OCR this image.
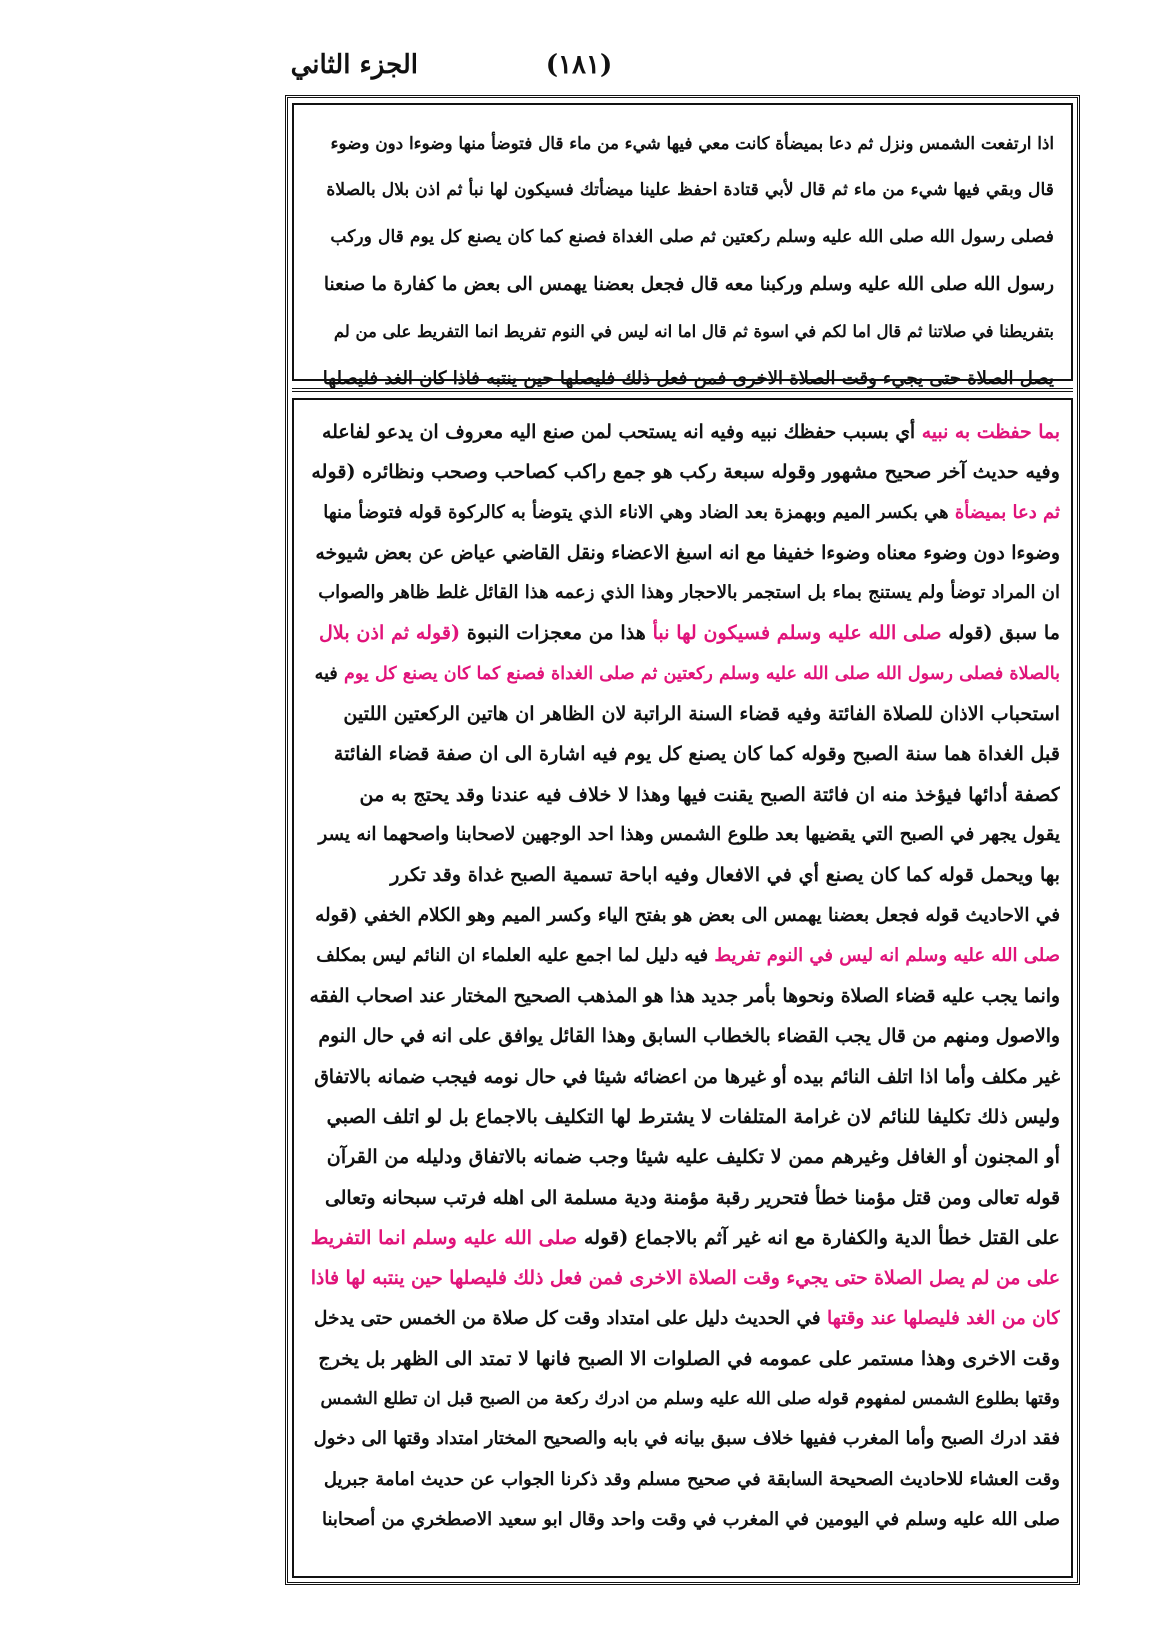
(١٨١)
الجزء الثاني
اذا ارتفعت الشمس ونزل ثم دعا بميضأة كانت معي فيها شيء من ماء قال فتوضأ منها وضوءا دون وضوء
قال وبقي فيها شيء من ماء ثم قال لأبي قتادة احفظ علينا ميضأتك فسيكون لها نبأ ثم اذن بلال بالصلاة
فصلى رسول الله صلى الله عليه وسلم ركعتين ثم صلى الغداة فصنع كما كان يصنع كل يوم قال وركب
رسول الله صلى الله عليه وسلم وركبنا معه قال فجعل بعضنا يهمس الى بعض ما كفارة ما صنعنا
بتفريطنا في صلاتنا ثم قال اما لكم في اسوة ثم قال اما انه ليس في النوم تفريط انما التفريط على من لم
يصل الصلاة حتى يجيء وقت الصلاة الاخرى فمن فعل ذلك فليصلها حين ينتبه فاذا كان الغد فليصلها
بما حفظت به نبيه أي بسبب حفظك نبيه وفيه انه يستحب لمن صنع اليه معروف ان يدعو لفاعله
وفيه حديث آخر صحيح مشهور وقوله سبعة ركب هو جمع راكب كصاحب وصحب ونظائره (قوله
ثم دعا بميضأة هي بكسر الميم وبهمزة بعد الضاد وهي الاناء الذي يتوضأ به كالركوة قوله فتوضأ منها
وضوءا دون وضوء معناه وضوءا خفيفا مع انه اسبغ الاعضاء ونقل القاضي عياض عن بعض شيوخه
ان المراد توضأ ولم يستنج بماء بل استجمر بالاحجار وهذا الذي زعمه هذا القائل غلط ظاهر والصواب
ما سبق (قوله صلى الله عليه وسلم فسيكون لها نبأ هذا من معجزات النبوة (قوله ثم اذن بلال
بالصلاة فصلى رسول الله صلى الله عليه وسلم ركعتين ثم صلى الغداة فصنع كما كان يصنع كل يوم فيه
استحباب الاذان للصلاة الفائتة وفيه قضاء السنة الراتبة لان الظاهر ان هاتين الركعتين اللتين
قبل الغداة هما سنة الصبح وقوله كما كان يصنع كل يوم فيه اشارة الى ان صفة قضاء الفائتة
كصفة أدائها فيؤخذ منه ان فائتة الصبح يقنت فيها وهذا لا خلاف فيه عندنا وقد يحتج به من
يقول يجهر في الصبح التي يقضيها بعد طلوع الشمس وهذا احد الوجهين لاصحابنا واصحهما انه يسر
بها ويحمل قوله كما كان يصنع أي في الافعال وفيه اباحة تسمية الصبح غداة وقد تكرر
في الاحاديث قوله فجعل بعضنا يهمس الى بعض هو بفتح الياء وكسر الميم وهو الكلام الخفي (قوله
صلى الله عليه وسلم انه ليس في النوم تفريط فيه دليل لما اجمع عليه العلماء ان النائم ليس بمكلف
وانما يجب عليه قضاء الصلاة ونحوها بأمر جديد هذا هو المذهب الصحيح المختار عند اصحاب الفقه
والاصول ومنهم من قال يجب القضاء بالخطاب السابق وهذا القائل يوافق على انه في حال النوم
غير مكلف وأما اذا اتلف النائم بيده أو غيرها من اعضائه شيئا في حال نومه فيجب ضمانه بالاتفاق
وليس ذلك تكليفا للنائم لان غرامة المتلفات لا يشترط لها التكليف بالاجماع بل لو اتلف الصبي
أو المجنون أو الغافل وغيرهم ممن لا تكليف عليه شيئا وجب ضمانه بالاتفاق ودليله من القرآن
قوله تعالى ومن قتل مؤمنا خطأ فتحرير رقبة مؤمنة ودية مسلمة الى اهله فرتب سبحانه وتعالى
على القتل خطأ الدية والكفارة مع انه غير آثم بالاجماع (قوله صلى الله عليه وسلم انما التفريط
على من لم يصل الصلاة حتى يجيء وقت الصلاة الاخرى فمن فعل ذلك فليصلها حين ينتبه لها فاذا
كان من الغد فليصلها عند وقتها في الحديث دليل على امتداد وقت كل صلاة من الخمس حتى يدخل
وقت الاخرى وهذا مستمر على عمومه في الصلوات الا الصبح فانها لا تمتد الى الظهر بل يخرج
وقتها بطلوع الشمس لمفهوم قوله صلى الله عليه وسلم من ادرك ركعة من الصبح قبل ان تطلع الشمس
فقد ادرك الصبح وأما المغرب ففيها خلاف سبق بيانه في بابه والصحيح المختار امتداد وقتها الى دخول
وقت العشاء للاحاديث الصحيحة السابقة في صحيح مسلم وقد ذكرنا الجواب عن حديث امامة جبريل
صلى الله عليه وسلم في اليومين في المغرب في وقت واحد وقال ابو سعيد الاصطخري من أصحابنا
